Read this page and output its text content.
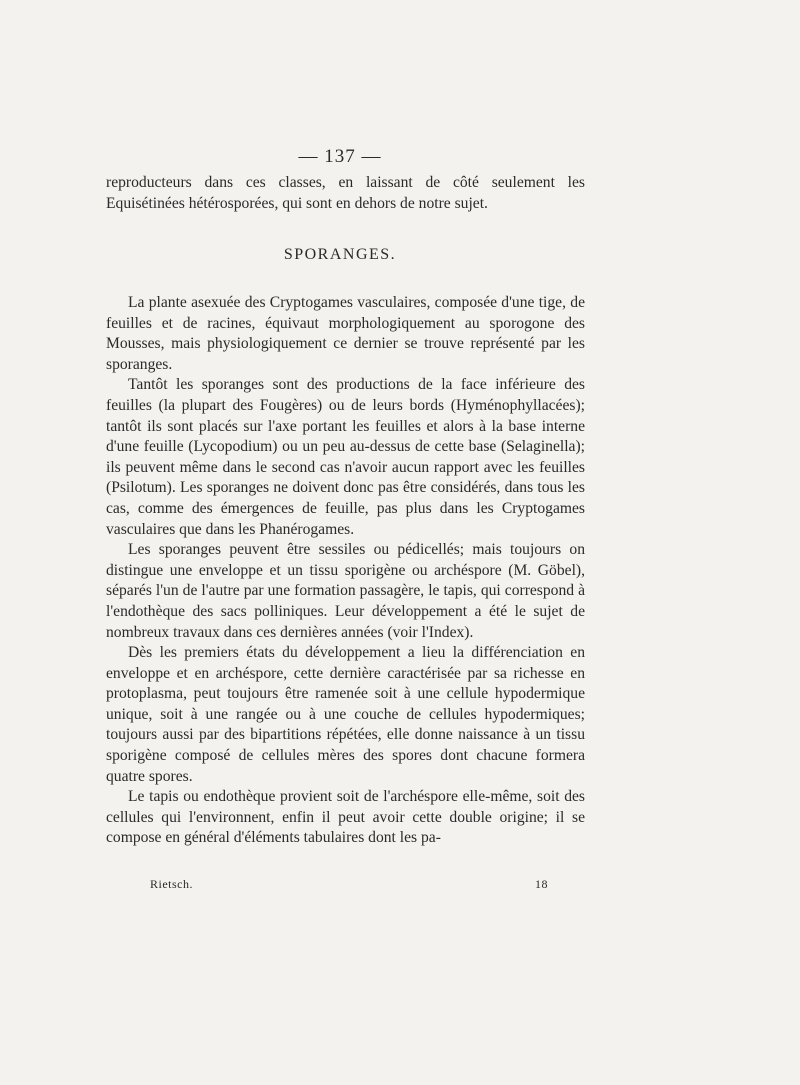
— 137 —

reproducteurs dans ces classes, en laissant de côté seulement les Equisétinées hétérosporées, qui sont en dehors de notre sujet.

SPORANGES.

La plante asexuée des Cryptogames vasculaires, composée d'une tige, de feuilles et de racines, équivaut morphologiquement au sporogone des Mousses, mais physiologiquement ce dernier se trouve représenté par les sporanges.

Tantôt les sporanges sont des productions de la face inférieure des feuilles (la plupart des Fougères) ou de leurs bords (Hyménophyllacées); tantôt ils sont placés sur l'axe portant les feuilles et alors à la base interne d'une feuille (Lycopodium) ou un peu au-dessus de cette base (Selaginella); ils peuvent même dans le second cas n'avoir aucun rapport avec les feuilles (Psilotum). Les sporanges ne doivent donc pas être considérés, dans tous les cas, comme des émergences de feuille, pas plus dans les Cryptogames vasculaires que dans les Phanérogames.

Les sporanges peuvent être sessiles ou pédicellés; mais toujours on distingue une enveloppe et un tissu sporigène ou archéspore (M. Göbel), séparés l'un de l'autre par une formation passagère, le tapis, qui correspond à l'endothèque des sacs polliniques. Leur développement a été le sujet de nombreux travaux dans ces dernières années (voir l'Index).

Dès les premiers états du développement a lieu la différenciation en enveloppe et en archéspore, cette dernière caractérisée par sa richesse en protoplasma, peut toujours être ramenée soit à une cellule hypodermique unique, soit à une rangée ou à une couche de cellules hypodermiques; toujours aussi par des bipartitions répétées, elle donne naissance à un tissu sporigène composé de cellules mères des spores dont chacune formera quatre spores.

Le tapis ou endothèque provient soit de l'archéspore elle-même, soit des cellules qui l'environnent, enfin il peut avoir cette double origine; il se compose en général d'éléments tabulaires dont les pa-

Rietsch.	18
